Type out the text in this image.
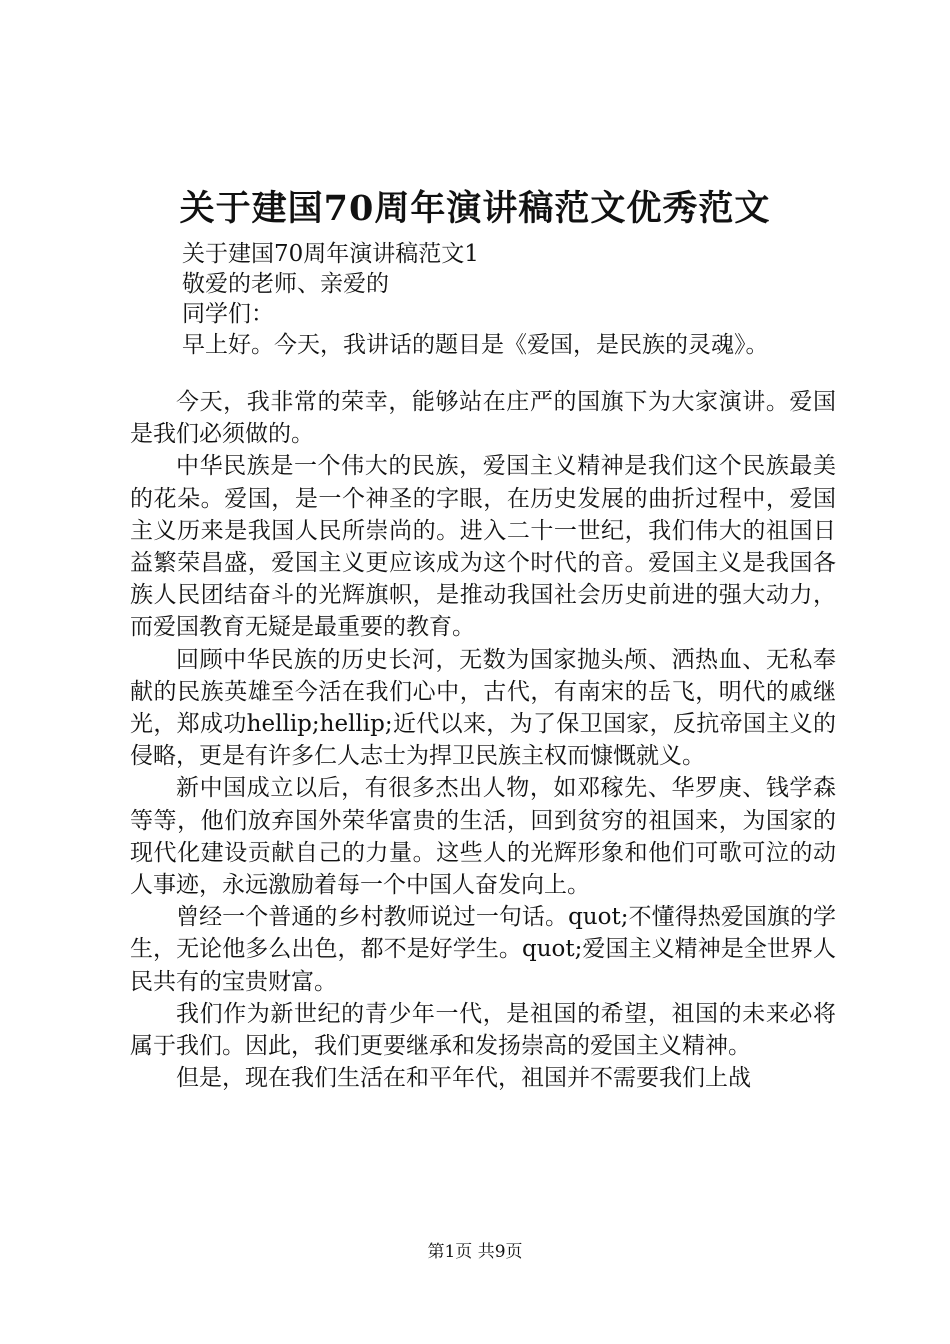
关于建国70周年演讲稿范文优秀范文

关于建国70周年演讲稿范文1

敬爱的老师、亲爱的

同学们：

早上好。今天，我讲话的题目是《爱国，是民族的灵魂》。

今天，我非常的荣幸，能够站在庄严的国旗下为大家演讲。爱国是我们必须做的。

中华民族是一个伟大的民族，爱国主义精神是我们这个民族最美的花朵。爱国，是一个神圣的字眼，在历史发展的曲折过程中，爱国主义历来是我国人民所崇尚的。进入二十一世纪，我们伟大的祖国日益繁荣昌盛，爱国主义更应该成为这个时代的音。爱国主义是我国各族人民团结奋斗的光辉旗帜，是推动我国社会历史前进的强大动力，而爱国教育无疑是最重要的教育。

回顾中华民族的历史长河，无数为国家抛头颅、洒热血、无私奉献的民族英雄至今活在我们心中，古代，有南宋的岳飞，明代的戚继光，郑成功hellip;hellip;近代以来，为了保卫国家，反抗帝国主义的侵略，更是有许多仁人志士为捍卫民族主权而慷慨就义。

新中国成立以后，有很多杰出人物，如邓稼先、华罗庚、钱学森等等，他们放弃国外荣华富贵的生活，回到贫穷的祖国来，为国家的现代化建设贡献自己的力量。这些人的光辉形象和他们可歌可泣的动人事迹，永远激励着每一个中国人奋发向上。

曾经一个普通的乡村教师说过一句话。quot;不懂得热爱国旗的学生，无论他多么出色，都不是好学生。quot;爱国主义精神是全世界人民共有的宝贵财富。

我们作为新世纪的青少年一代，是祖国的希望，祖国的未来必将属于我们。因此，我们更要继承和发扬崇高的爱国主义精神。

但是，现在我们生活在和平年代，祖国并不需要我们上战

第1页 共9页
